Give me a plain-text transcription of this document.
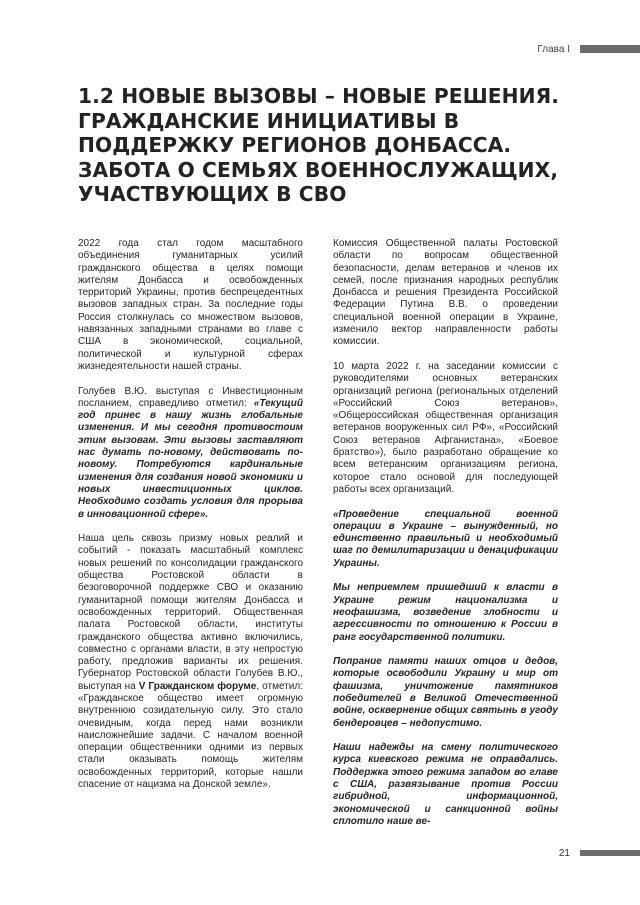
Глава I
1.2 НОВЫЕ ВЫЗОВЫ – НОВЫЕ РЕШЕНИЯ. ГРАЖДАНСКИЕ ИНИЦИАТИВЫ В ПОДДЕРЖКУ РЕГИОНОВ ДОНБАССА. ЗАБОТА О СЕМЬЯХ ВОЕННОСЛУЖАЩИХ, УЧАСТВУЮЩИХ В СВО

2022 года стал годом масштабного объединения гуманитарных усилий гражданского общества в целях помощи жителям Донбасса и освобожденных территорий Украины, против беспрецедентных вызовов западных стран. За последние годы Россия столкнулась со множеством вызовов, навязанных западными странами во главе с США в экономической, социальной, политической и культурной сферах жизнедеятельности нашей страны.

Голубев В.Ю. выступая с Инвестиционным посланием, справедливо отметил: «Текущий год принес в нашу жизнь глобальные изменения. И мы сегодня противостоим этим вызовам. Эти вызовы заставляют нас думать по-новому, действовать по-новому. Потребуются кардинальные изменения для создания новой экономики и новых инвестиционных циклов. Необходимо создать условия для прорыва в инновационной сфере».

Наша цель сквозь призму новых реалий и событий - показать масштабный комплекс новых решений по консолидации гражданского общества Ростовской области в безоговорочной поддержке СВО и оказанию гуманитарной помощи жителям Донбасса и освобожденных территорий. Общественная палата Ростовской области, институты гражданского общества активно включились, совместно с органами власти, в эту непростую работу, предложив варианты их решения. Губернатор Ростовской области Голубев В.Ю., выступая на V Гражданском форуме, отметил: «Гражданское общество имеет огромную внутреннюю созидательную силу. Это стало очевидным, когда перед нами возникли наисложнейшие задачи. С началом военной операции общественники одними из первых стали оказывать помощь жителям освобожденных территорий, которые нашли спасение от нацизма на Донской земле».

Комиссия Общественной палаты Ростовской области по вопросам общественной безопасности, делам ветеранов и членов их семей, после признания народных республик Донбасса и решения Президента Российской Федерации Путина В.В. о проведении специальной военной операции в Украине, изменило вектор направленности работы комиссии.

10 марта 2022 г. на заседании комиссии с руководителями основных ветеранских организаций региона (региональных отделений «Российский Союз ветеранов», «Общероссийская общественная организация ветеранов вооруженных сил РФ», «Российский Союз ветеранов Афганистана», «Боевое братство»), было разработано обращение ко всем ветеранским организациям региона, которое стало основой для последующей работы всех организаций.

«Проведение специальной военной операции в Украине – вынужденный, но единственно правильный и необходимый шаг по демилитаризации и денацификации Украины.

Мы неприемлем пришедший к власти в Украине режим национализма и неофашизма, возведение злобности и агрессивности по отношению к России в ранг государственной политики.

Попрание памяти наших отцов и дедов, которые освободили Украину и мир от фашизма, уничтожение памятников победителей в Великой Отечественной войне, осквернение общих святынь в угоду бендеровцев – недопустимо.

Наши надежды на смену политического курса киевского режима не оправдались. Поддержка этого режима западом во главе с США, развязывание против России гибридной, информационной, экономической и санкционной войны сплотило наше ве-

21
